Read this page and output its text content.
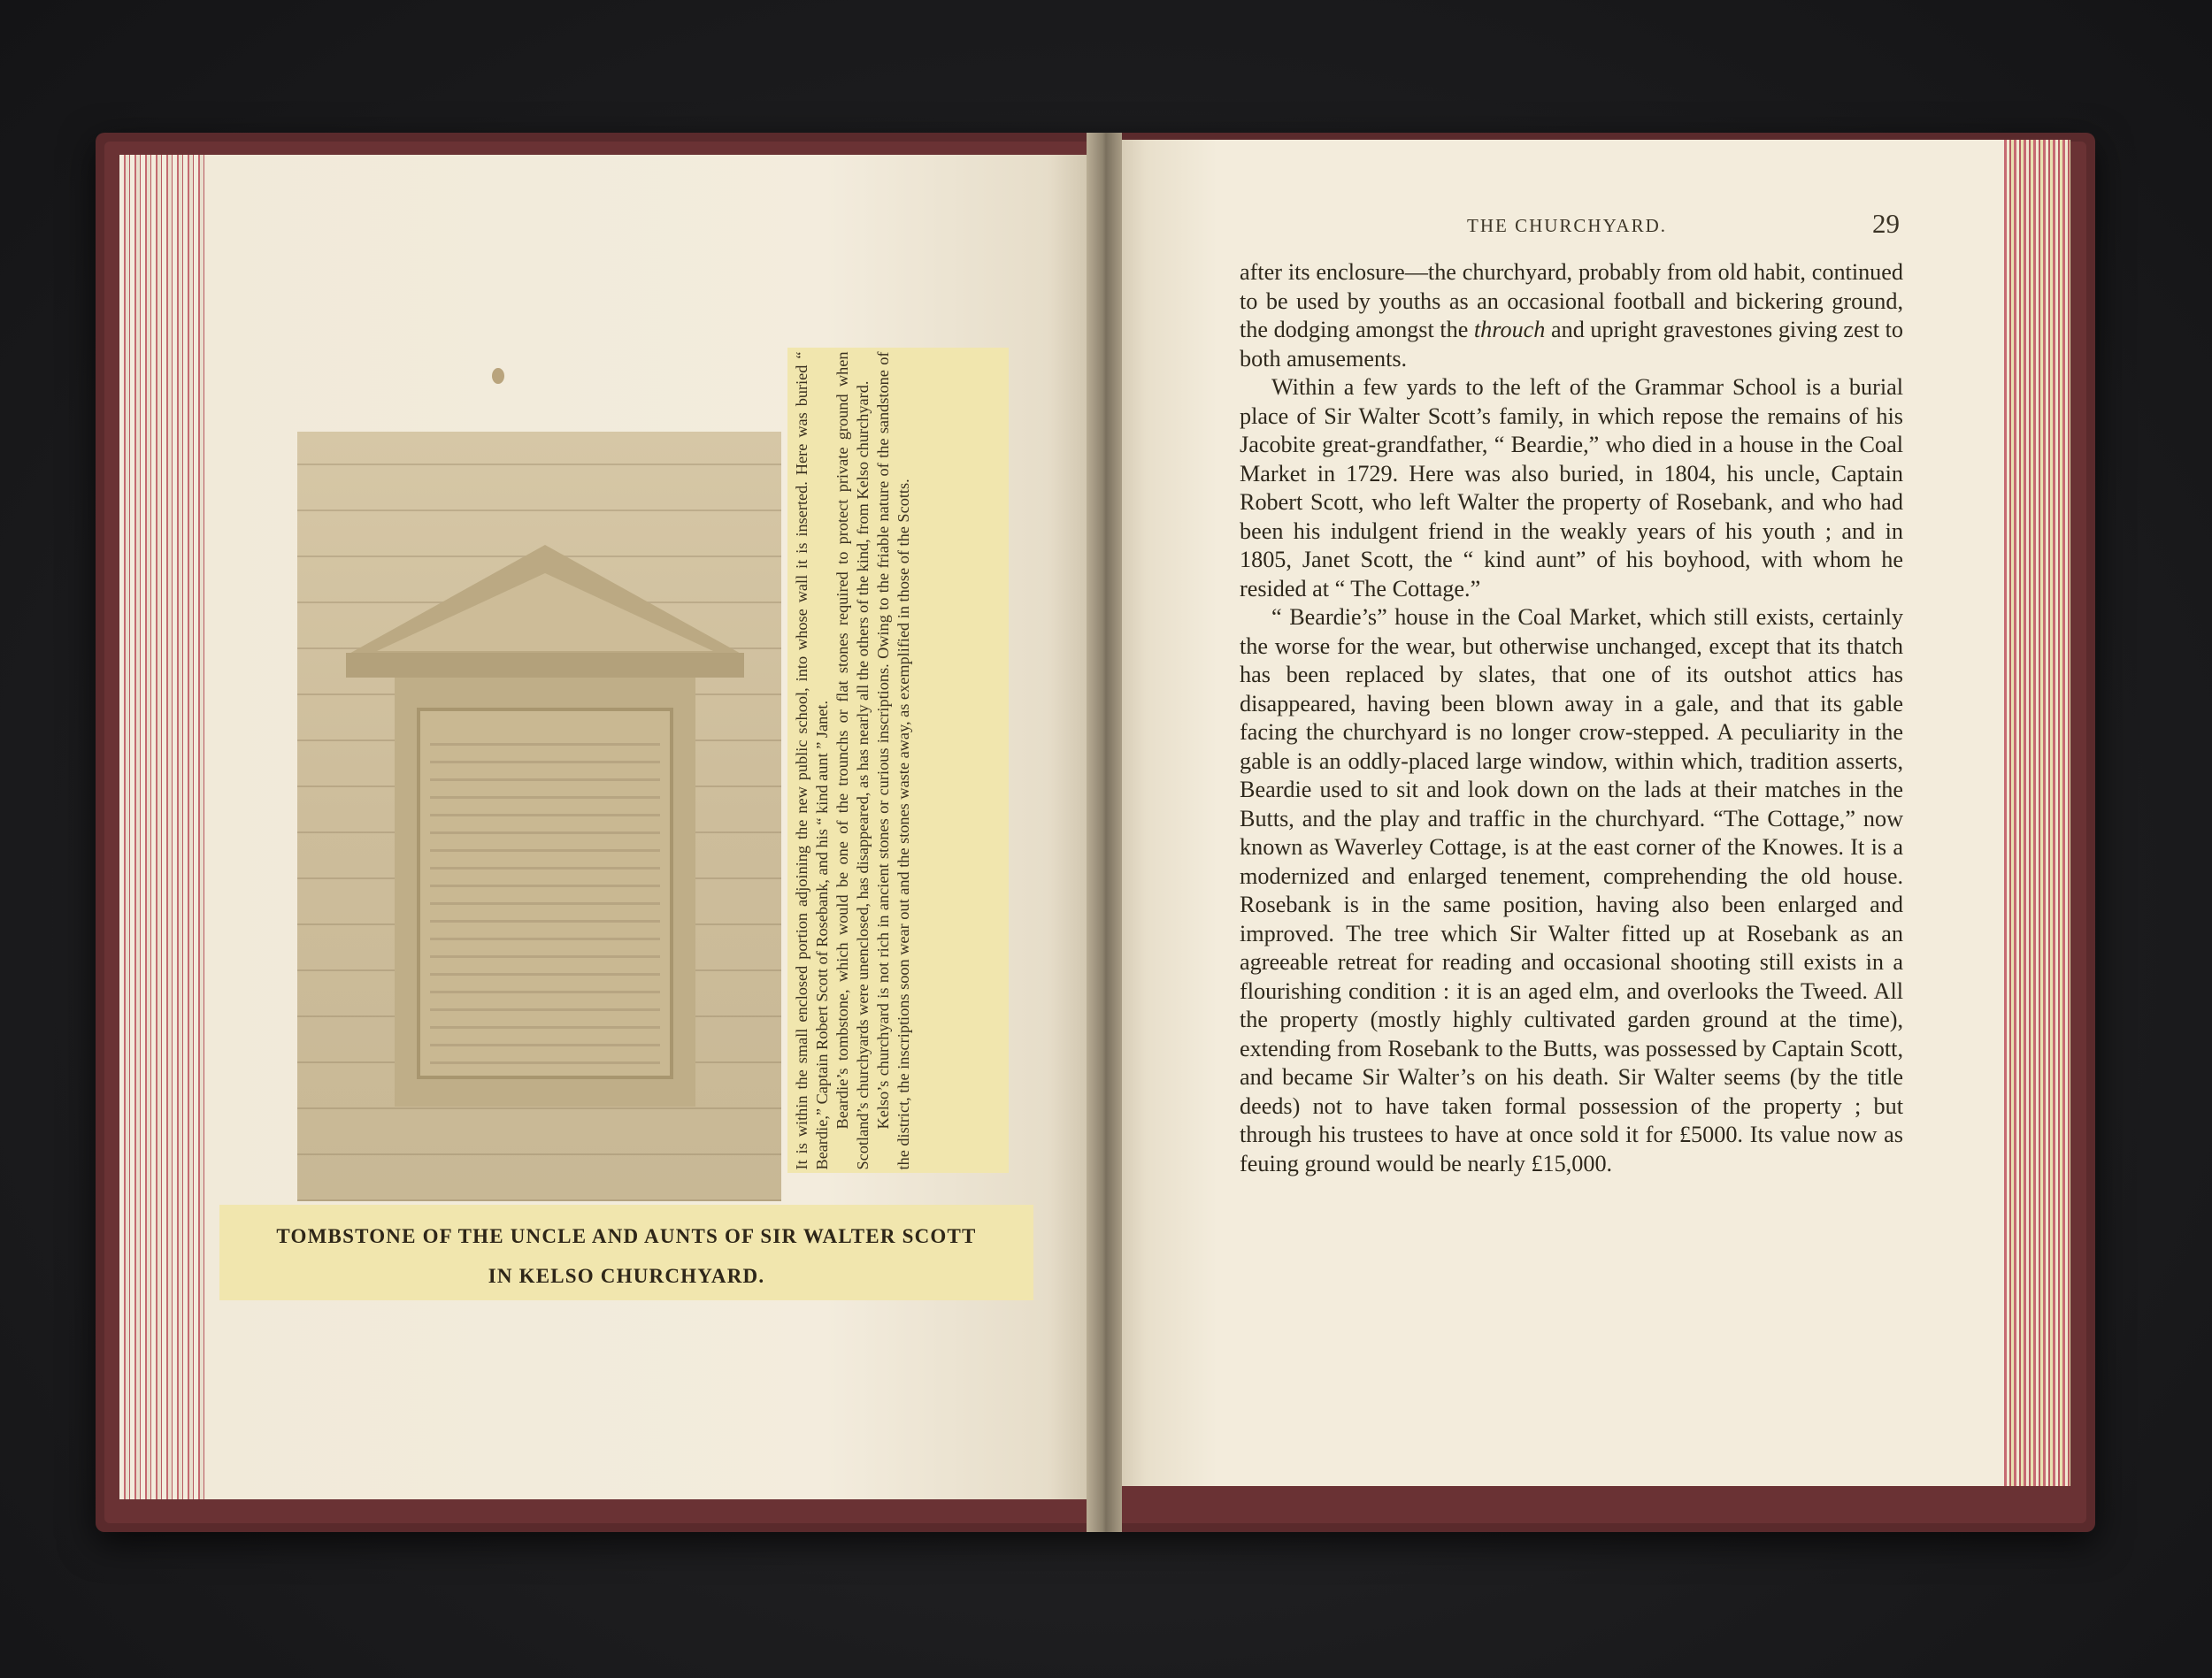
It is within the small enclosed portion adjoining the new public school, into whose wall it is inserted. Here was buried “ Beardie,” Captain Robert Scott of Rosebank, and his “ kind aunt ” Janet. Beardie’s tombstone, which would be one of the trounchs or flat stones required to protect private ground when Scotland’s churchyards were unenclosed, has disappeared, as has nearly all the others of the kind, from Kelso churchyard. Kelso’s churchyard is not rich in ancient stones or curious inscriptions. Owing to the friable nature of the sandstone of the district, the inscriptions soon wear out and the stones waste away, as exemplified in those of the Scotts.

TOMBSTONE OF THE UNCLE AND AUNTS OF SIR WALTER SCOTT
IN KELSO CHURCHYARD.
THE CHURCHYARD.	29

after its enclosure—the churchyard, probably from old habit, continued to be used by youths as an occasional football and bickering ground, the dodging amongst the throuch and upright gravestones giving zest to both amusements.

Within a few yards to the left of the Grammar School is a burial place of Sir Walter Scott’s family, in which repose the remains of his Jacobite great-grandfather, “ Beardie,” who died in a house in the Coal Market in 1729. Here was also buried, in 1804, his uncle, Captain Robert Scott, who left Walter the property of Rosebank, and who had been his indulgent friend in the weakly years of his youth ; and in 1805, Janet Scott, the “ kind aunt” of his boyhood, with whom he resided at “ The Cottage.”

“ Beardie’s” house in the Coal Market, which still exists, certainly the worse for the wear, but otherwise unchanged, except that its thatch has been replaced by slates, that one of its outshot attics has disappeared, having been blown away in a gale, and that its gable facing the churchyard is no longer crow-stepped. A peculiarity in the gable is an oddly-placed large window, within which, tradition asserts, Beardie used to sit and look down on the lads at their matches in the Butts, and the play and traffic in the churchyard. “The Cottage,” now known as Waverley Cottage, is at the east corner of the Knowes. It is a modernized and enlarged tenement, comprehending the old house. Rosebank is in the same position, having also been enlarged and improved. The tree which Sir Walter fitted up at Rosebank as an agreeable retreat for reading and occasional shooting still exists in a flourishing condition : it is an aged elm, and overlooks the Tweed. All the property (mostly highly cultivated garden ground at the time), extending from Rosebank to the Butts, was possessed by Captain Scott, and became Sir Walter’s on his death. Sir Walter seems (by the title deeds) not to have taken formal possession of the property ; but through his trustees to have at once sold it for £5000. Its value now as feuing ground would be nearly £15,000.
